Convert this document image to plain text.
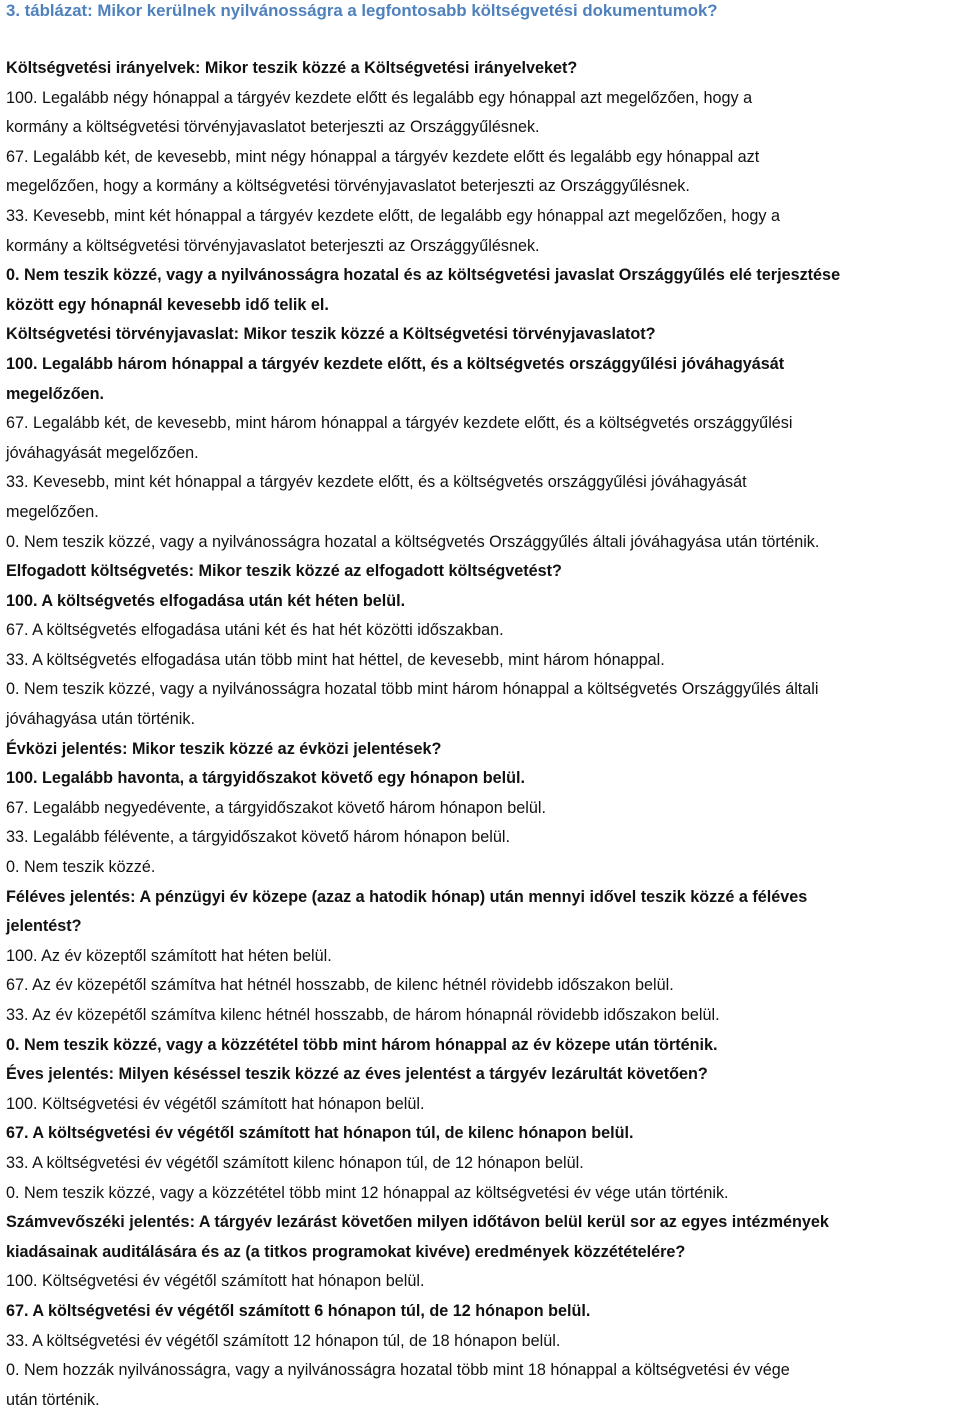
3. táblázat: Mikor kerülnek nyilvánosságra a legfontosabb költségvetési dokumentumok?
Költségvetési irányelvek: Mikor teszik közzé a Költségvetési irányelveket?
100. Legalább négy hónappal a tárgyév kezdete előtt és legalább egy hónappal azt megelőzően, hogy a
kormány a költségvetési törvényjavaslatot beterjeszti az Országgyűlésnek.
67. Legalább két, de kevesebb, mint négy hónappal a tárgyév kezdete előtt és legalább egy hónappal azt
megelőzően, hogy a kormány a költségvetési törvényjavaslatot beterjeszti az Országgyűlésnek.
33. Kevesebb, mint két hónappal a tárgyév kezdete előtt, de legalább egy hónappal azt megelőzően, hogy a
kormány a költségvetési törvényjavaslatot beterjeszti az Országgyűlésnek.
0. Nem teszik közzé, vagy a nyilvánosságra hozatal és az költségvetési javaslat Országgyűlés elé terjesztése
között egy hónapnál kevesebb idő telik el.
Költségvetési törvényjavaslat: Mikor teszik közzé a Költségvetési törvényjavaslatot?
100. Legalább három hónappal a tárgyév kezdete előtt, és a költségvetés országgyűlési jóváhagyását
megelőzően.
67. Legalább két, de kevesebb, mint három hónappal a tárgyév kezdete előtt, és a költségvetés országgyűlési
jóváhagyását megelőzően.
33. Kevesebb, mint két hónappal a tárgyév kezdete előtt, és a költségvetés országgyűlési jóváhagyását
megelőzően.
0. Nem teszik közzé, vagy a nyilvánosságra hozatal a költségvetés Országgyűlés általi jóváhagyása után történik.
Elfogadott költségvetés: Mikor teszik közzé az elfogadott költségvetést?
100. A költségvetés elfogadása után két héten belül.
67. A költségvetés elfogadása utáni két és hat hét közötti időszakban.
33. A költségvetés elfogadása után több mint hat héttel, de kevesebb, mint három hónappal.
0. Nem teszik közzé, vagy a nyilvánosságra hozatal több mint három hónappal a költségvetés Országgyűlés általi
jóváhagyása után történik.
Évközi jelentés: Mikor teszik közzé az évközi jelentések?
100. Legalább havonta, a tárgyidőszakot követő egy hónapon belül.
67. Legalább negyedévente, a tárgyidőszakot követő három hónapon belül.
33. Legalább félévente, a tárgyidőszakot követő három hónapon belül.
0. Nem teszik közzé.
Féléves jelentés: A pénzügyi év közepe (azaz a hatodik hónap) után mennyi idővel teszik közzé a féléves
jelentést?
100. Az év közeptől számított hat héten belül.
67. Az év közepétől számítva hat hétnél hosszabb, de kilenc hétnél rövidebb időszakon belül.
33. Az év közepétől számítva kilenc hétnél hosszabb, de három hónapnál rövidebb időszakon belül.
0. Nem teszik közzé, vagy a közzététel több mint három hónappal az év közepe után történik.
Éves jelentés: Milyen késéssel teszik közzé az éves jelentést a tárgyév lezárultát követően?
100. Költségvetési év végétől számított hat hónapon belül.
67. A költségvetési év végétől számított hat hónapon túl, de kilenc hónapon belül.
33. A költségvetési év végétől számított kilenc hónapon túl, de 12 hónapon belül.
0. Nem teszik közzé, vagy a közzététel több mint 12 hónappal az költségvetési év vége után történik.
Számvevőszéki jelentés: A tárgyév lezárást követően milyen időtávon belül kerül sor az egyes intézmények
kiadásainak auditálására és az (a titkos programokat kivéve) eredmények közzétételére?
100. Költségvetési év végétől számított hat hónapon belül.
67. A költségvetési év végétől számított 6 hónapon túl, de 12 hónapon belül.
33. A költségvetési év végétől számított 12 hónapon túl, de 18 hónapon belül.
0. Nem hozzák nyilvánosságra, vagy a nyilvánosságra hozatal több mint 18 hónappal a költségvetési év vége
után történik.
